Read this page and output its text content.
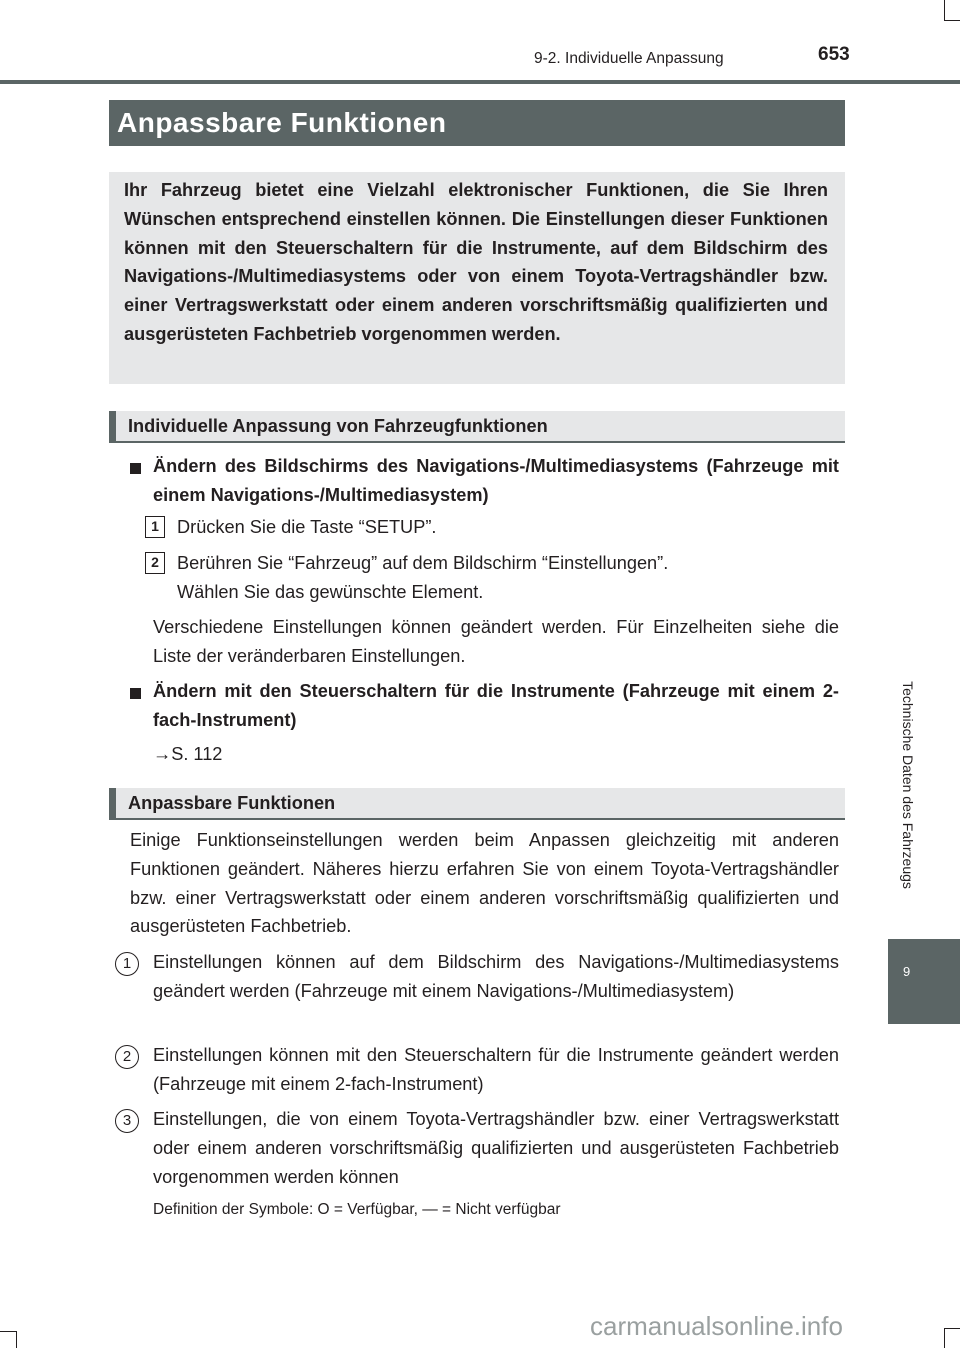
9-2. Individuelle Anpassung	653
Technische Daten des Fahrzeugs
9
Anpassbare Funktionen
Ihr Fahrzeug bietet eine Vielzahl elektronischer Funktionen, die Sie Ihren Wünschen entsprechend einstellen können. Die Einstellungen dieser Funktionen können mit den Steuerschaltern für die Instrumente, auf dem Bildschirm des Navigations-/Multimediasystems oder von einem Toyota-Vertragshändler bzw. einer Vertragswerkstatt oder einem anderen vorschriftsmäßig qualifizierten und ausgerüsteten Fachbetrieb vorgenommen werden.
Individuelle Anpassung von Fahrzeugfunktionen
Ändern des Bildschirms des Navigations-/Multimediasystems (Fahrzeuge mit einem Navigations-/Multimediasystem)
1 Drücken Sie die Taste “SETUP”.
2 Berühren Sie “Fahrzeug” auf dem Bildschirm “Einstellungen”.
Wählen Sie das gewünschte Element.
Verschiedene Einstellungen können geändert werden. Für Einzelheiten siehe die Liste der veränderbaren Einstellungen.
Ändern mit den Steuerschaltern für die Instrumente (Fahrzeuge mit einem 2-fach-Instrument)
→S. 112
Anpassbare Funktionen
Einige Funktionseinstellungen werden beim Anpassen gleichzeitig mit anderen Funktionen geändert. Näheres hierzu erfahren Sie von einem Toyota-Vertragshändler bzw. einer Vertragswerkstatt oder einem anderen vorschriftsmäßig qualifizierten und ausgerüsteten Fachbetrieb.
1	Einstellungen können auf dem Bildschirm des Navigations-/Multimediasystems geändert werden (Fahrzeuge mit einem Navigations-/Multimediasystem)
2	Einstellungen können mit den Steuerschaltern für die Instrumente geändert werden (Fahrzeuge mit einem 2-fach-Instrument)
3	Einstellungen, die von einem Toyota-Vertragshändler bzw. einer Vertragswerkstatt oder einem anderen vorschriftsmäßig qualifizierten und ausgerüsteten Fachbetrieb vorgenommen werden können
Definition der Symbole: O = Verfügbar, — = Nicht verfügbar
carmanualsonline.info
